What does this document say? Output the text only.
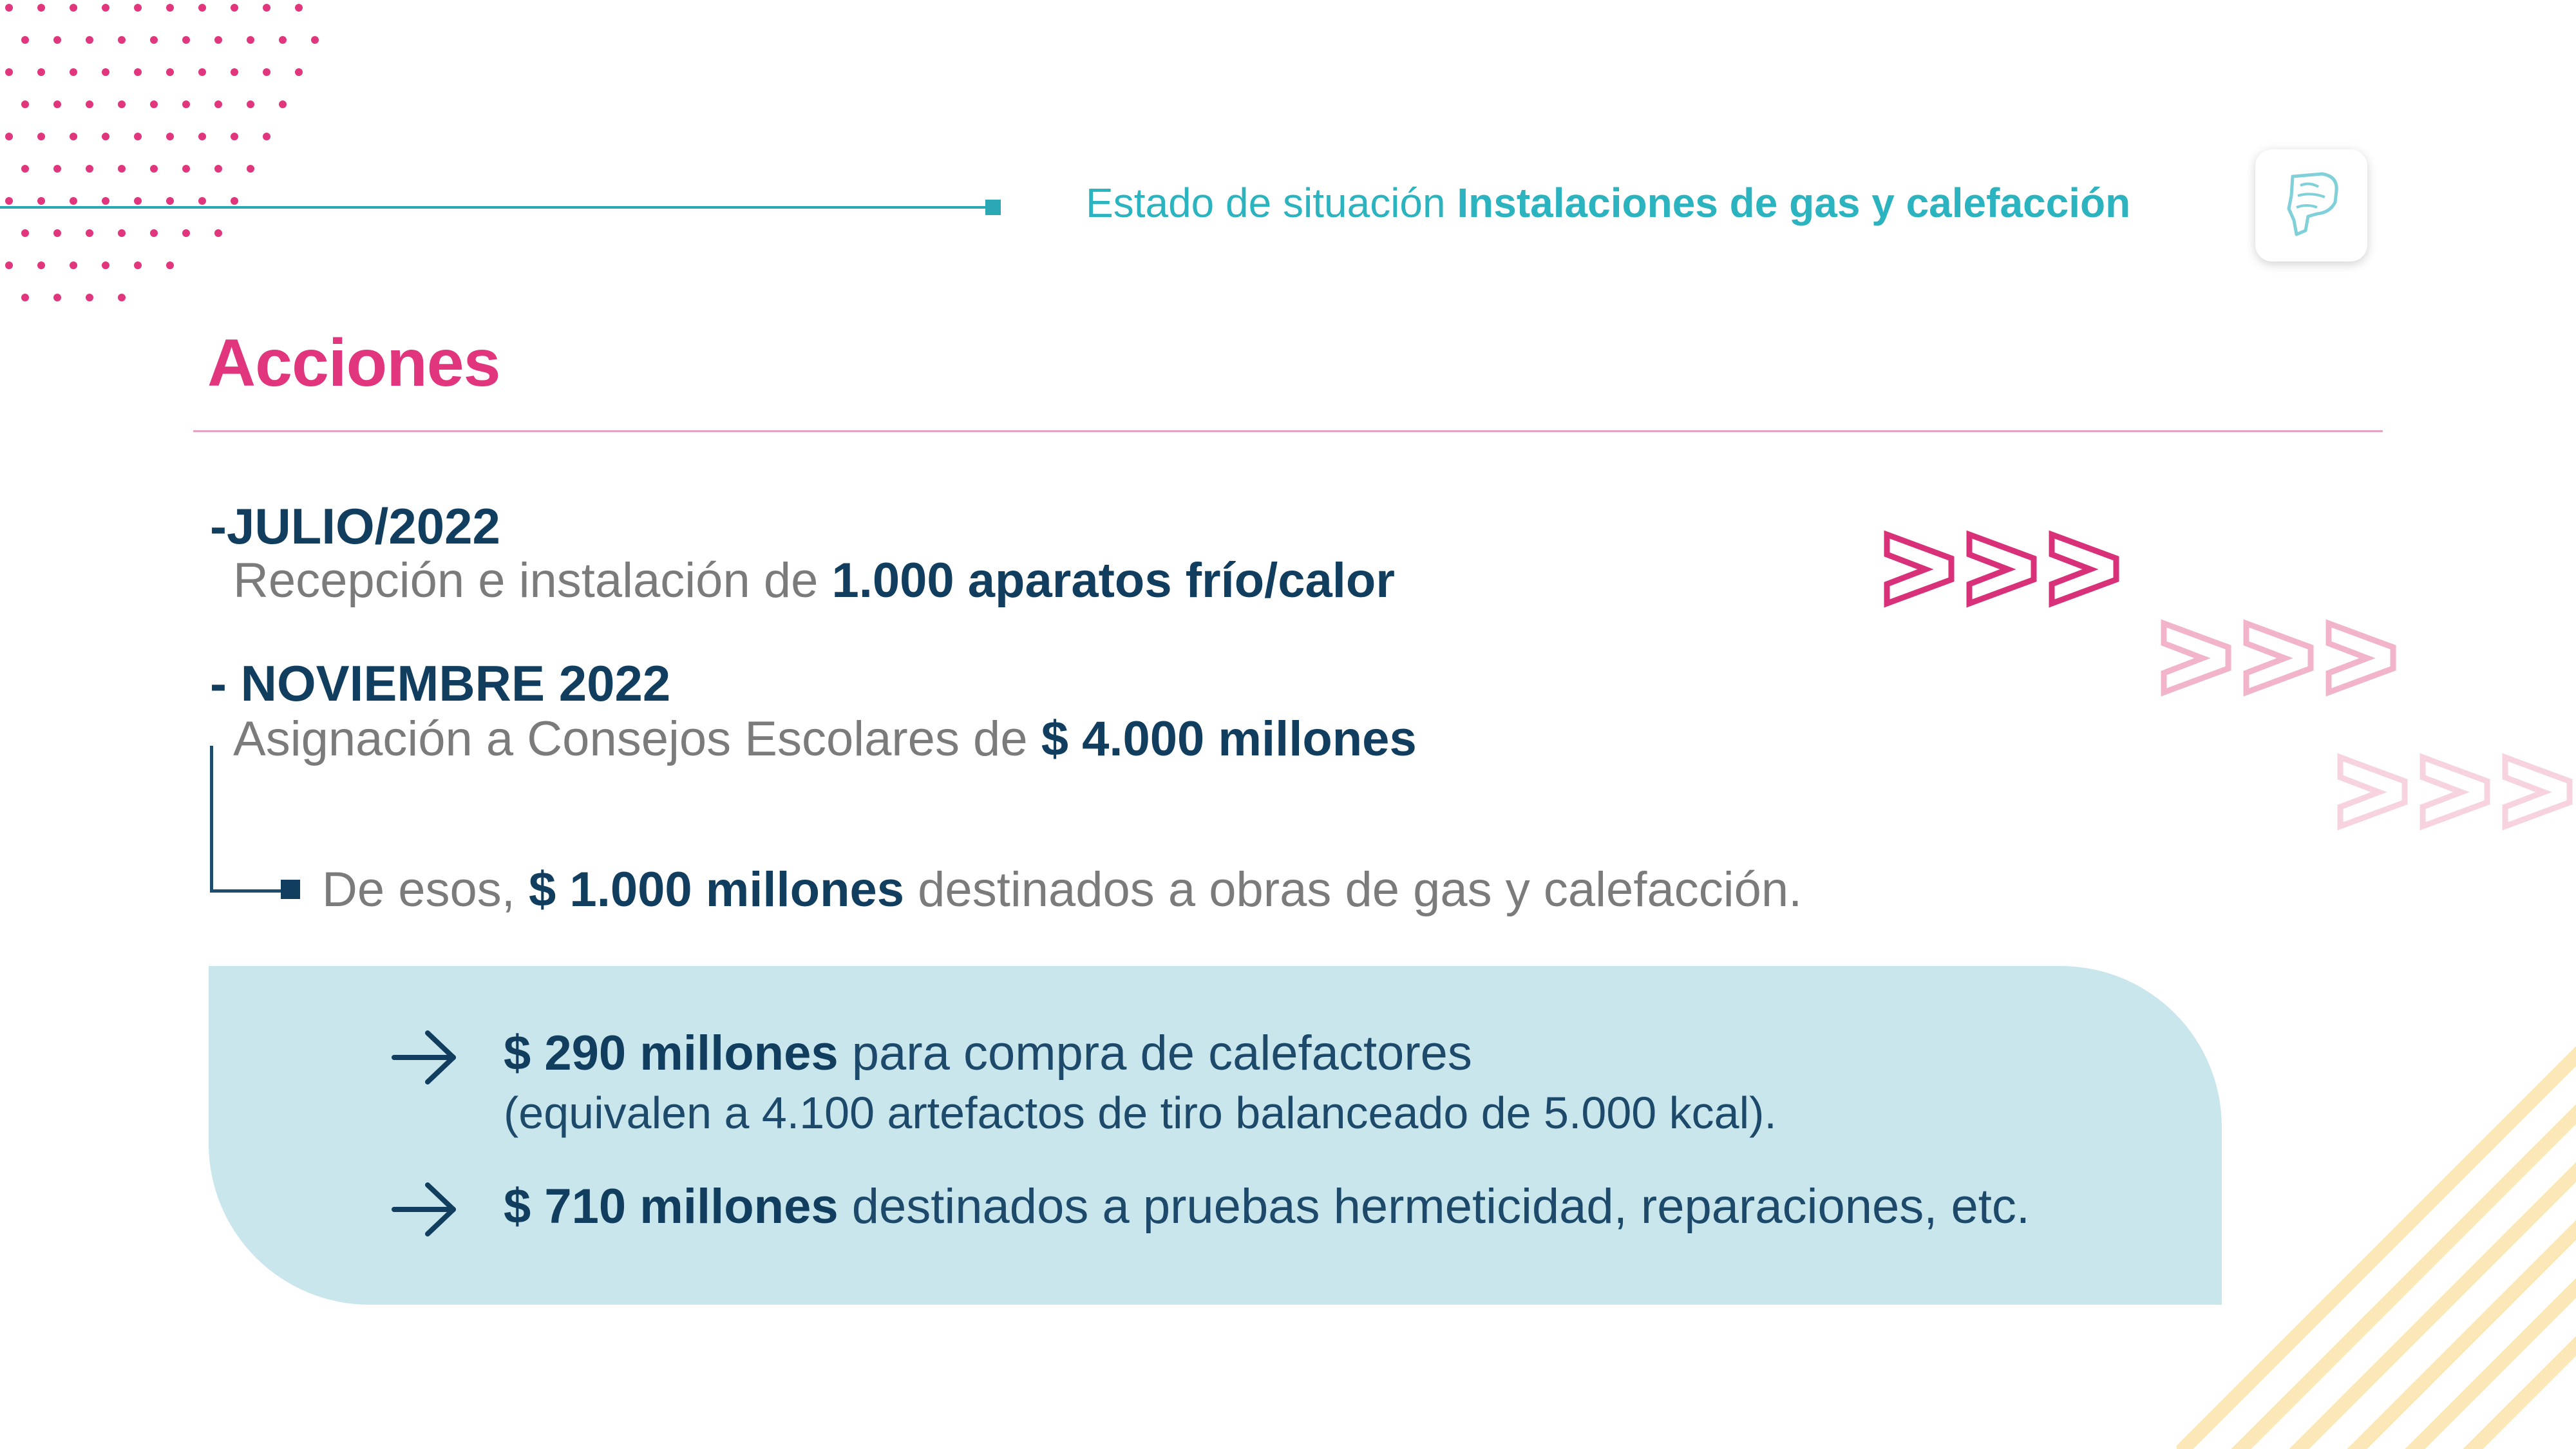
Estado de situación Instalaciones de gas y calefacción
Acciones
-JULIO/2022
Recepción e instalación de 1.000 aparatos frío/calor
- NOVIEMBRE 2022
Asignación a Consejos Escolares de $ 4.000 millones
De esos, $ 1.000 millones destinados a obras de gas y calefacción.
$ 290 millones para compra de calefactores
(equivalen a 4.100 artefactos de tiro balanceado de 5.000 kcal).
$ 710 millones destinados a pruebas hermeticidad, reparaciones, etc.
